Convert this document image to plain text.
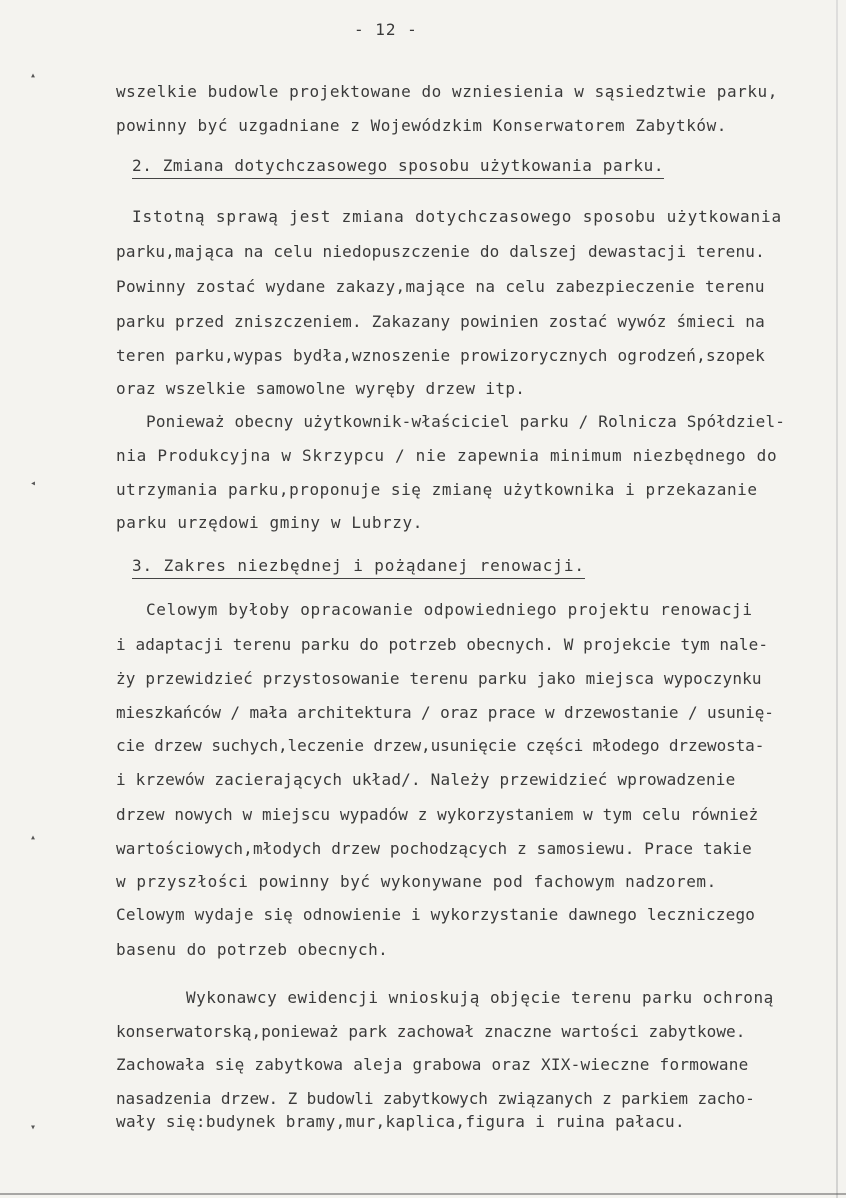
▴
◂
▴
▾
- 12 -
wszelkie budowle projektowane do wzniesienia w sąsiedztwie parku,
powinny być uzgadniane z Wojewódzkim Konserwatorem Zabytków.
2. Zmiana dotychczasowego sposobu użytkowania parku.
Istotną sprawą jest zmiana dotychczasowego sposobu użytkowania
parku,mająca na celu niedopuszczenie do dalszej dewastacji terenu.
Powinny zostać wydane zakazy,mające na celu zabezpieczenie terenu
parku przed zniszczeniem. Zakazany powinien zostać wywóz śmieci na
teren parku,wypas bydła,wznoszenie prowizorycznych ogrodzeń,szopek
oraz wszelkie samowolne wyręby drzew itp.
Ponieważ obecny użytkownik-właściciel parku / Rolnicza Spółdziel-
nia Produkcyjna w Skrzypcu / nie zapewnia minimum niezbędnego do
utrzymania parku,proponuje się zmianę użytkownika i przekazanie
parku urzędowi gminy w Lubrzy.
3. Zakres niezbędnej i pożądanej renowacji.
Celowym byłoby opracowanie odpowiedniego projektu renowacji
i adaptacji terenu parku do potrzeb obecnych. W projekcie tym nale-
ży przewidzieć przystosowanie terenu parku jako miejsca wypoczynku
mieszkańców / mała architektura / oraz prace w drzewostanie / usunię-
cie drzew suchych,leczenie drzew,usunięcie części młodego drzewosta-
i krzewów zacierających układ/. Należy przewidzieć wprowadzenie
drzew nowych w miejscu wypadów z wykorzystaniem w tym celu również
wartościowych,młodych drzew pochodzących z samosiewu. Prace takie
w przyszłości powinny być wykonywane pod fachowym nadzorem.
Celowym wydaje się odnowienie i wykorzystanie dawnego leczniczego
basenu do potrzeb obecnych.
Wykonawcy ewidencji wnioskują objęcie terenu parku ochroną
konserwatorską,ponieważ park zachował znaczne wartości zabytkowe.
Zachowała się zabytkowa aleja grabowa oraz XIX-wieczne formowane
nasadzenia drzew. Z budowli zabytkowych związanych z parkiem zacho-
wały się:budynek bramy,mur,kaplica,figura i ruina pałacu.
